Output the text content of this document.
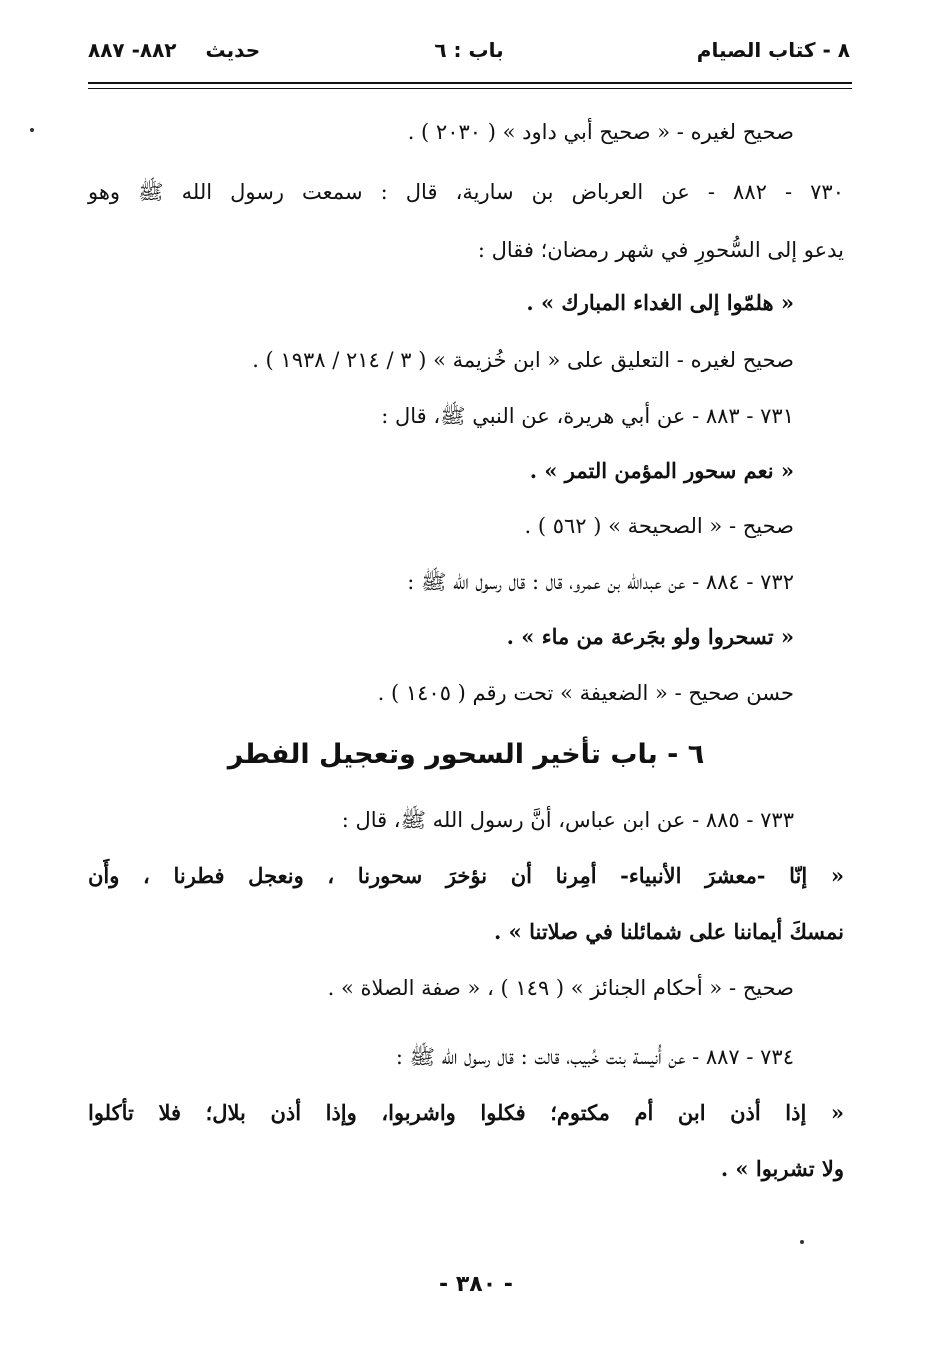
٨ - كتاب الصيام
باب : ٦
حديث ٨٨٢- ٨٨٧
صحيح لغيره - « صحيح أبي داود » ( ٢٠٣٠ ) .
٧٣٠ - ٨٨٢ - عن العرباض بن سارية، قال : سمعت رسول الله ﷺ وهو
يدعو إلى السُّحورِ في شهر رمضان؛ فقال :
« هلمّوا إلى الغداء المبارك » .
صحيح لغيره - التعليق على « ابن خُزيمة » ( ٣ / ٢١٤ / ١٩٣٨ ) .
٧٣١ - ٨٨٣ - عن أبي هريرة، عن النبي ﷺ، قال :
« نعم سحور المؤمن التمر » .
صحيح - « الصحيحة » ( ٥٦٢ ) .
٧٣٢ - ٨٨٤ - عن عبدالله بن عمرو، قال : قال رسول الله ﷺ :
« تسحروا ولو بجَرعة من ماء » .
حسن صحيح - « الضعيفة » تحت رقم ( ١٤٠٥ ) .
٦ - باب تأخير السحور وتعجيل الفطر
٧٣٣ - ٨٨٥ - عن ابن عباس، أنَّ رسول الله ﷺ، قال :
« إنّا -معشرَ الأنبياء- أمِرنا أن نؤخرَ سحورنا ، ونعجل فطرنا ، وأَن
نمسكَ أيماننا على شمائلنا في صلاتنا » .
صحيح - « أحكام الجنائز » ( ١٤٩ ) ، « صفة الصلاة » .
٧٣٤ - ٨٨٧ - عن أُنيسة بنت خُبيب، قالت : قال رسول الله ﷺ :
« إذا أذن ابن أم مكتوم؛ فكلوا واشربوا، وإذا أذن بلال؛ فلا تأكلوا
ولا تشربوا » .
- ٣٨٠ -
